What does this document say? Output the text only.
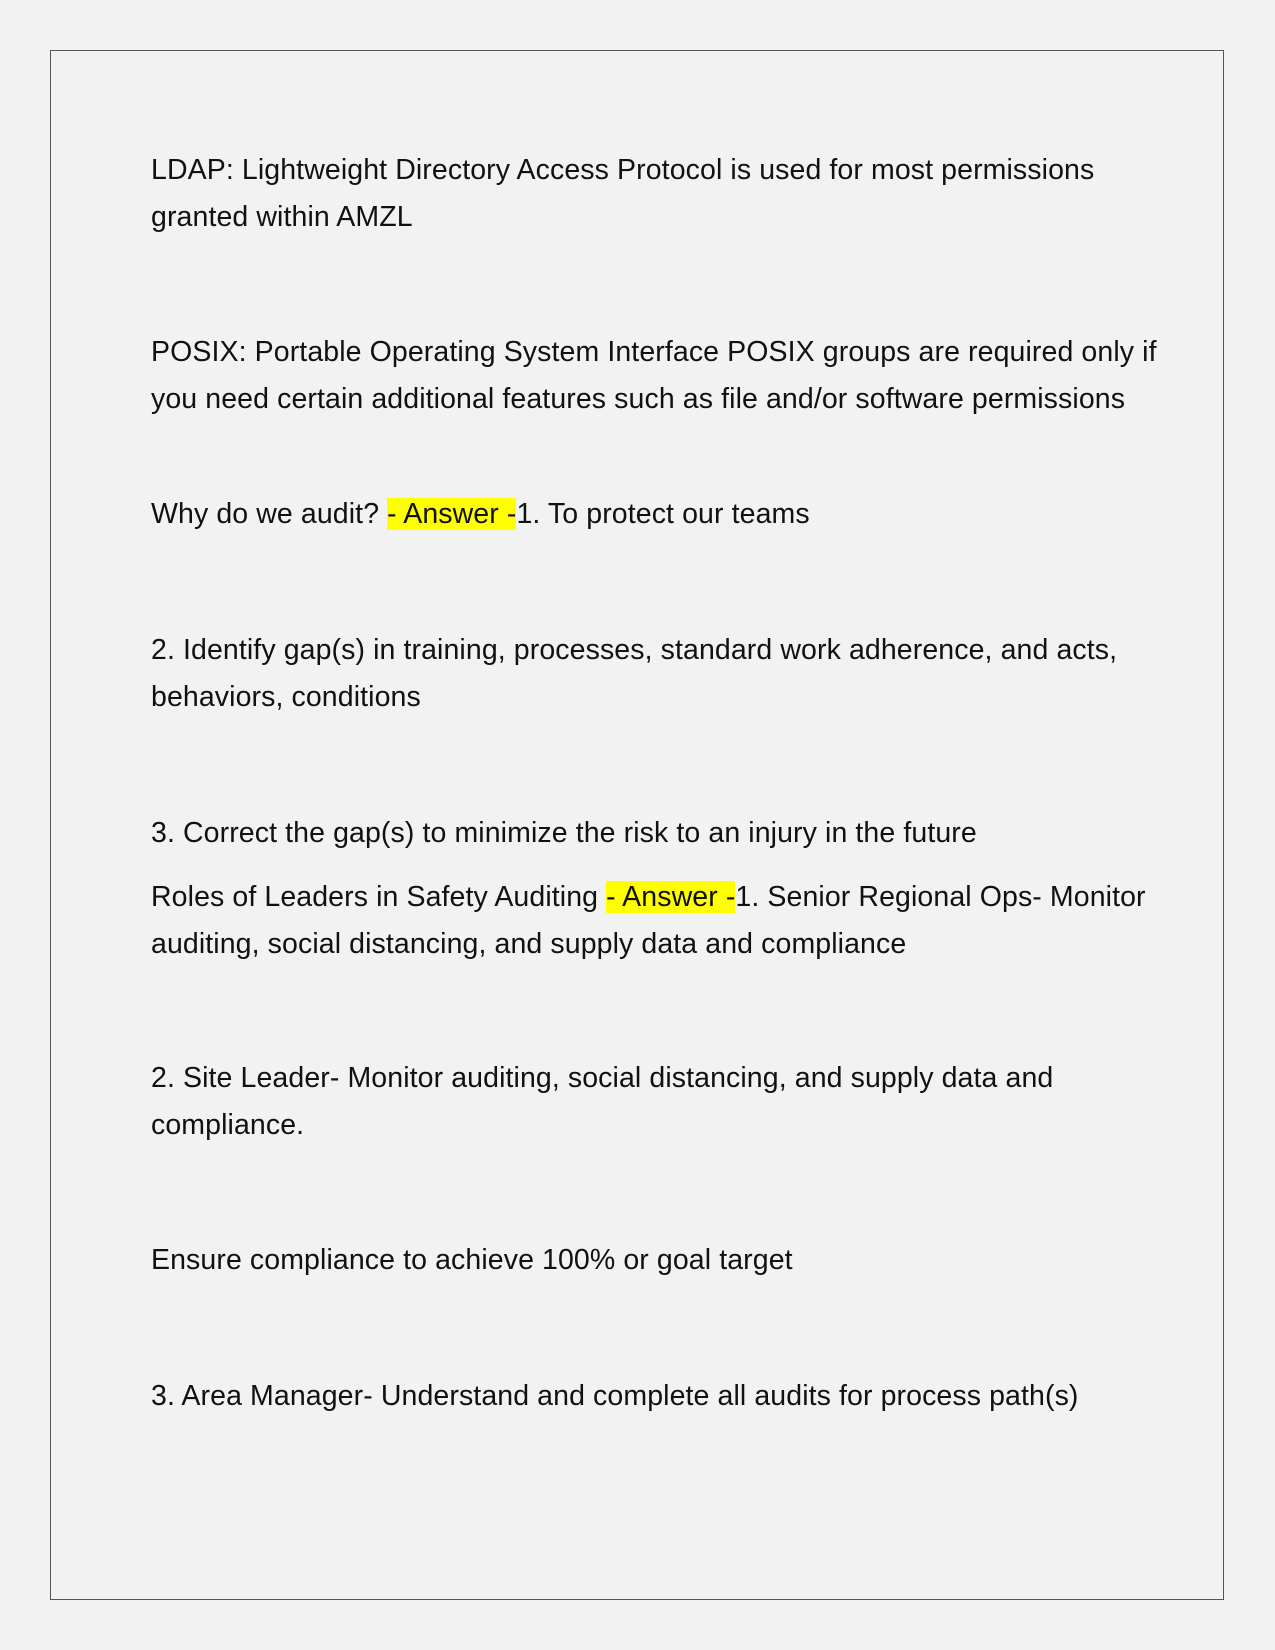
LDAP: Lightweight Directory Access Protocol is used for most permissions granted within AMZL

POSIX: Portable Operating System Interface POSIX groups are required only if you need certain additional features such as file and/or software permissions

Why do we audit? - Answer -1. To protect our teams

2. Identify gap(s) in training, processes, standard work adherence, and acts, behaviors, conditions

3. Correct the gap(s) to minimize the risk to an injury in the future

Roles of Leaders in Safety Auditing - Answer -1. Senior Regional Ops- Monitor auditing, social distancing, and supply data and compliance

2. Site Leader- Monitor auditing, social distancing, and supply data and compliance.

Ensure compliance to achieve 100% or goal target

3. Area Manager- Understand and complete all audits for process path(s)
